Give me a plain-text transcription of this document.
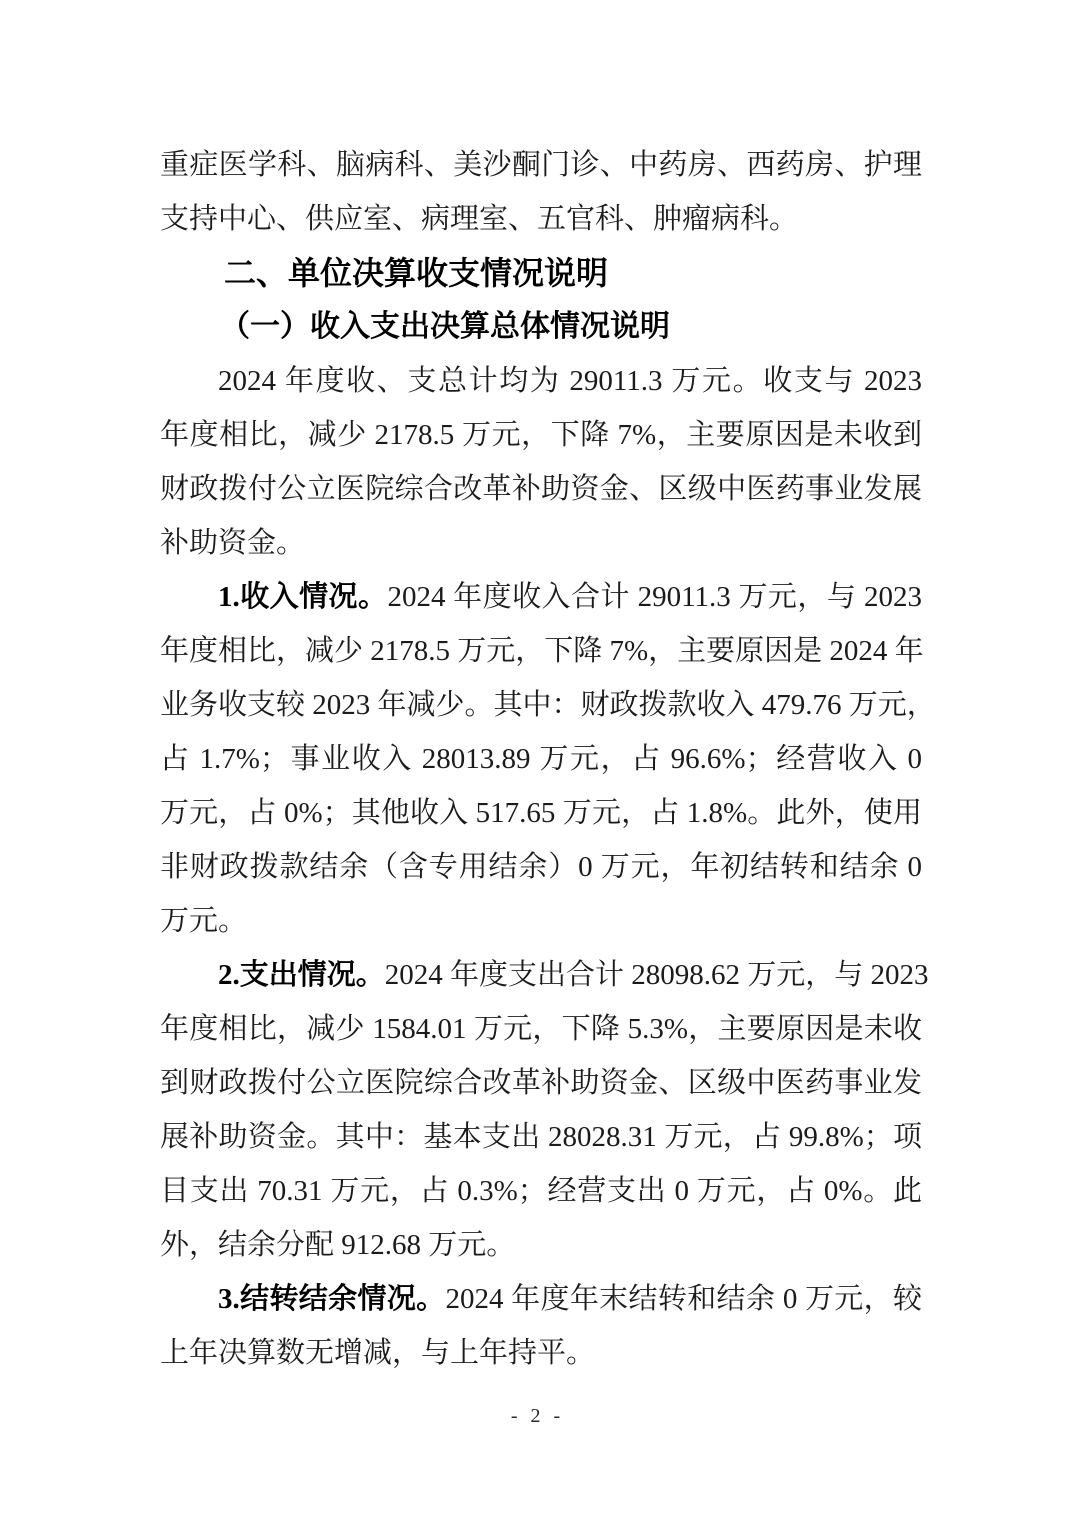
重症医学科、脑病科、美沙酮门诊、中药房、西药房、护理
支持中心、供应室、病理室、五官科、肿瘤病科。
二、单位决算收支情况说明
（一）收入支出决算总体情况说明
2024 年度收、支总计均为 29011.3 万元。收支与 2023
年度相比，减少 2178.5 万元，下降 7%，主要原因是未收到
财政拨付公立医院综合改革补助资金、区级中医药事业发展
补助资金。
1.收入情况。2024 年度收入合计 29011.3 万元，与 2023
年度相比，减少 2178.5 万元，下降 7%，主要原因是 2024 年
业务收支较 2023 年减少。其中：财政拨款收入 479.76 万元，
占 1.7%；事业收入 28013.89 万元，占 96.6%；经营收入 0
万元，占 0%；其他收入 517.65 万元，占 1.8%。此外，使用
非财政拨款结余（含专用结余）0 万元，年初结转和结余 0
万元。
2.支出情况。2024 年度支出合计 28098.62 万元，与 2023
年度相比，减少 1584.01 万元，下降 5.3%，主要原因是未收
到财政拨付公立医院综合改革补助资金、区级中医药事业发
展补助资金。其中：基本支出 28028.31 万元，占 99.8%；项
目支出 70.31 万元，占 0.3%；经营支出 0 万元，占 0%。此
外，结余分配 912.68 万元。
3.结转结余情况。2024 年度年末结转和结余 0 万元，较
上年决算数无增减，与上年持平。
- 2 -
